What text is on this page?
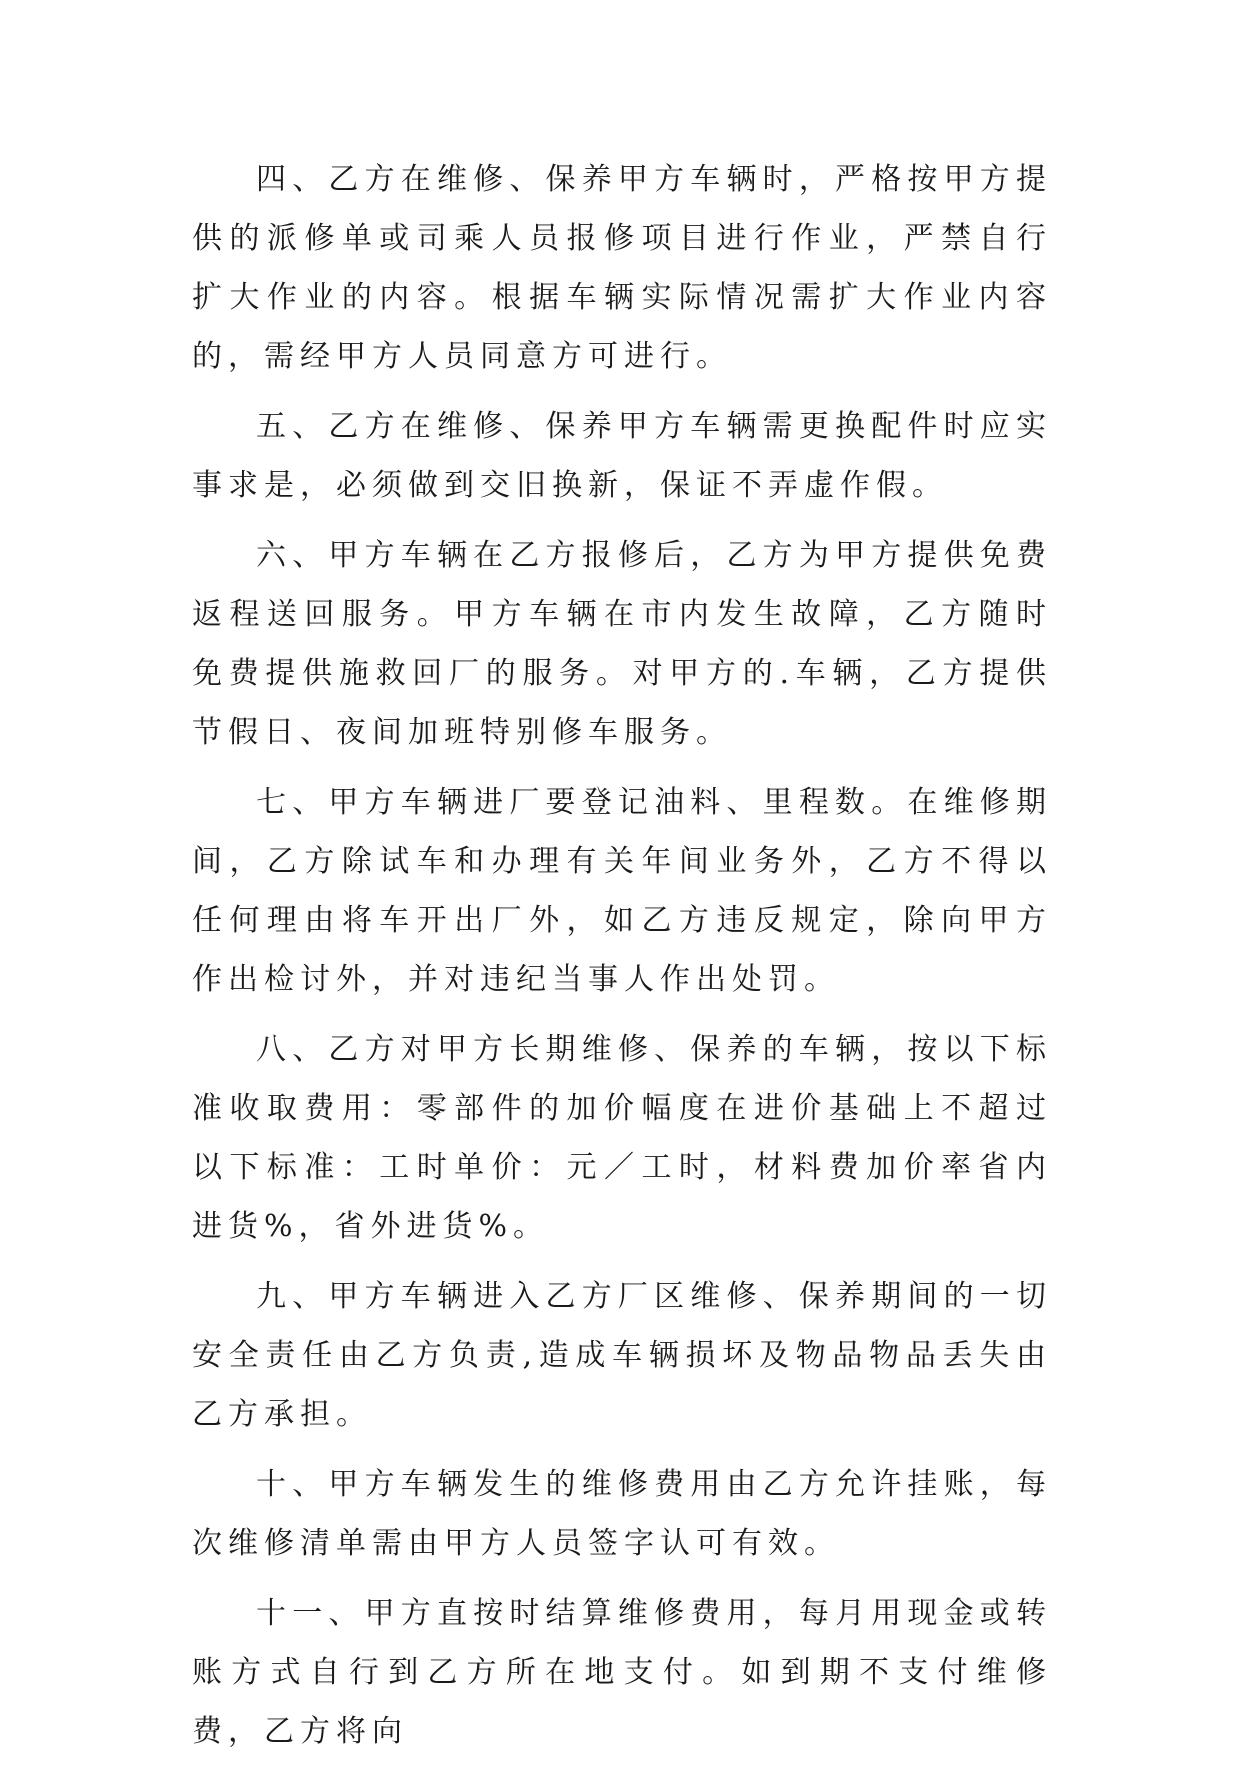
四、乙方在维修、保养甲方车辆时，严格按甲方提供的派修单或司乘人员报修项目进行作业，严禁自行扩大作业的内容。根据车辆实际情况需扩大作业内容的，需经甲方人员同意方可进行。

五、乙方在维修、保养甲方车辆需更换配件时应实事求是，必须做到交旧换新，保证不弄虚作假。

六、甲方车辆在乙方报修后，乙方为甲方提供免费返程送回服务。甲方车辆在市内发生故障，乙方随时免费提供施救回厂的服务。对甲方的.车辆，乙方提供节假日、夜间加班特别修车服务。

七、甲方车辆进厂要登记油料、里程数。在维修期间，乙方除试车和办理有关年间业务外，乙方不得以任何理由将车开出厂外，如乙方违反规定，除向甲方作出检讨外，并对违纪当事人作出处罚。

八、乙方对甲方长期维修、保养的车辆，按以下标准收取费用：零部件的加价幅度在进价基础上不超过以下标准：工时单价：元／工时，材料费加价率省内进货%，省外进货%。

九、甲方车辆进入乙方厂区维修、保养期间的一切安全责任由乙方负责,造成车辆损坏及物品物品丢失由乙方承担。

十、甲方车辆发生的维修费用由乙方允许挂账，每次维修清单需由甲方人员签字认可有效。

十一、甲方直按时结算维修费用，每月用现金或转账方式自行到乙方所在地支付。如到期不支付维修费，乙方将向
